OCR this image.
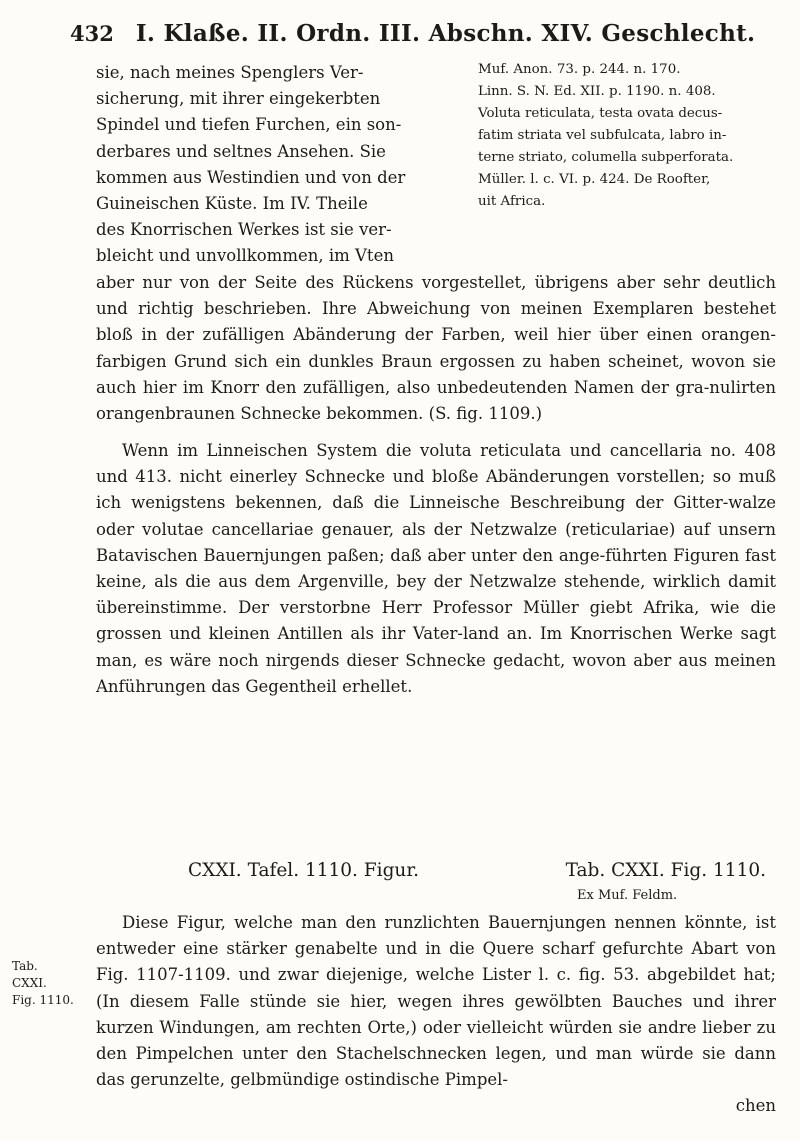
432 I. Klaße. II. Ordn. III. Abschn. XIV. Geschlecht.

sie, nach meines Spenglers Ver-

sicherung, mit ihrer eingekerbten

Spindel und tiefen Furchen, ein son-

derbares und seltnes Ansehen. Sie

kommen aus Westindien und von der

Guineischen Küste. Im IV. Theile

des Knorrischen Werkes ist sie ver-

bleicht und unvollkommen, im Vten

Muf. Anon. 73. p. 244. n. 170.

Linn. S. N. Ed. XII. p. 1190. n. 408.

Voluta reticulata, testa ovata decus-

fatim striata vel subfulcata, labro in-

terne striato, columella subperforata.

Müller. l. c. VI. p. 424. De Roofter,

uit Africa.

aber nur von der Seite des Rückens vorgestellet, übrigens aber sehr deutlich und richtig beschrieben. Ihre Abweichung von meinen Exemplaren bestehet bloß in der zufälligen Abänderung der Farben, weil hier über einen orangen-farbigen Grund sich ein dunkles Braun ergossen zu haben scheinet, wovon sie auch hier im Knorr den zufälligen, also unbedeutenden Namen der gra-nulirten orangenbraunen Schnecke bekommen. (S. fig. 1109.)

Wenn im Linneischen System die voluta reticulata und cancellaria no. 408 und 413. nicht einerley Schnecke und bloße Abänderungen vorstellen; so muß ich wenigstens bekennen, daß die Linneische Beschreibung der Gitter-walze oder volutae cancellariae genauer, als der Netzwalze (reticulariae) auf unsern Batavischen Bauernjungen paßen; daß aber unter den ange-führten Figuren fast keine, als die aus dem Argenville, bey der Netzwalze stehende, wirklich damit übereinstimme. Der verstorbne Herr Professor Müller giebt Afrika, wie die grossen und kleinen Antillen als ihr Vater-land an. Im Knorrischen Werke sagt man, es wäre noch nirgends dieser Schnecke gedacht, wovon aber aus meinen Anführungen das Gegentheil erhellet.

CXXI. Tafel. 1110. Figur.	Tab. CXXI. Fig. 1110.
Ex Muf. Feldm.
Tab.
CXXI.
Fig. 1110.

Diese Figur, welche man den runzlichten Bauernjungen nennen könnte, ist entweder eine stärker genabelte und in die Quere scharf gefurchte Abart von Fig. 1107-1109. und zwar diejenige, welche Lister l. c. fig. 53. abgebildet hat; (In diesem Falle stünde sie hier, wegen ihres gewölbten Bauches und ihrer kurzen Windungen, am rechten Orte,) oder vielleicht würden sie andre lieber zu den Pimpelchen unter den Stachelschnecken legen, und man würde sie dann das gerunzelte, gelbmündige ostindische Pimpel-

chen
